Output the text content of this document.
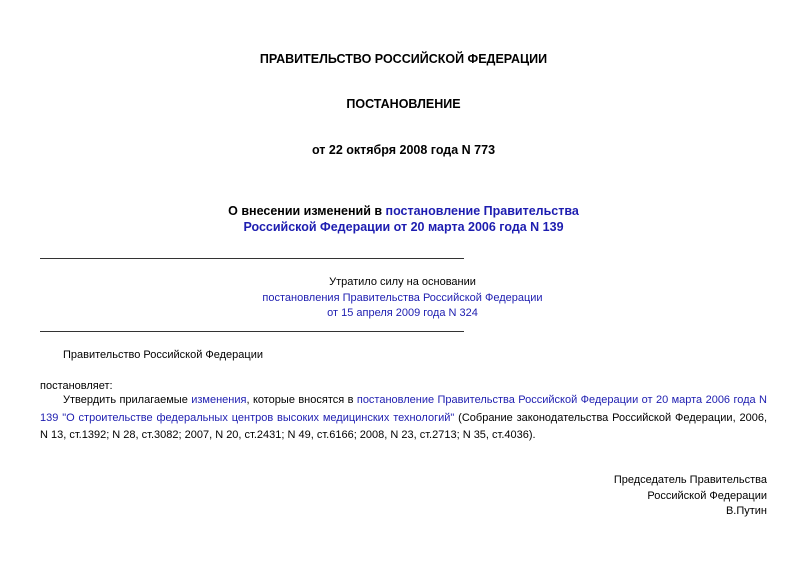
ПРАВИТЕЛЬСТВО РОССИЙСКОЙ ФЕДЕРАЦИИ
ПОСТАНОВЛЕНИЕ
от 22 октября 2008 года N 773
О внесении изменений в постановление Правительства
Российской Федерации от 20 марта 2006 года N 139
Утратило силу на основании
постановления Правительства Российской Федерации
от 15 апреля 2009 года N 324
Правительство Российской Федерации
постановляет:
Утвердить прилагаемые изменения, которые вносятся в постановление Правительства Российской Федерации от 20 марта 2006 года N 139 "О строительстве федеральных центров высоких медицинских технологий" (Собрание законодательства Российской Федерации, 2006, N 13, ст.1392; N 28, ст.3082; 2007, N 20, ст.2431; N 49, ст.6166; 2008, N 23, ст.2713; N 35, ст.4036).
Председатель Правительства
Российской Федерации
В.Путин
